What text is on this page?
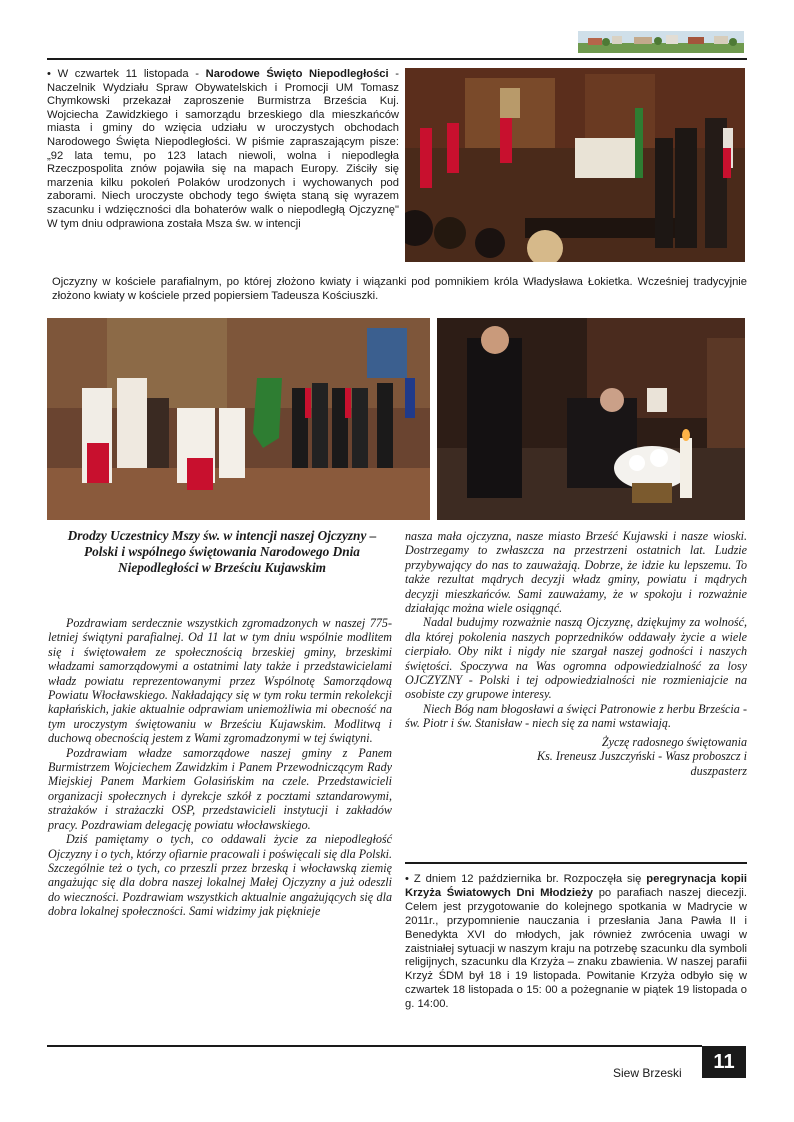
• W czwartek 11 listopada - Narodowe Święto Niepodległości - Naczelnik Wydziału Spraw Obywatelskich i Promocji UM Tomasz Chymkowski przekazał zaproszenie Burmistrza Brześcia Kuj. Wojciecha Zawidzkiego i samorządu brzeskiego dla mieszkańców miasta i gminy do wzięcia udziału w uroczystych obchodach Narodowego Święta Niepodległości. W piśmie zapraszającym pisze: „92 lata temu, po 123 latach niewoli, wolna i niepodległa Rzeczpospolita znów pojawiła się na mapach Europy. Ziściły się marzenia kilku pokoleń Polaków urodzonych i wychowanych pod zaborami. Niech uroczyste obchody tego święta staną się wyrazem szacunku i wdzięczności dla bohaterów walk o niepodległą Ojczyznę" W tym dniu odprawiona została Msza św. w intencji
Ojczyzny w kościele parafialnym, po której złożono kwiaty i wiązanki pod pomnikiem króla Władysława Łokietka. Wcześniej tradycyjnie złożono kwiaty w kościele przed popiersiem Tadeusza Kościuszki.
Drodzy Uczestnicy Mszy św. w intencji naszej Ojczyzny – Polski i wspólnego świętowania Narodowego Dnia Niepodległości w Brześciu Kujawskim

Pozdrawiam serdecznie wszystkich zgromadzonych w naszej 775-letniej świątyni parafialnej. Od 11 lat w tym dniu wspólnie modlitem się i świętowałem ze społecznością brzeskiej gminy, brzeskimi władzami samorządowymi a ostatnimi laty także i przedstawicielami władz powiatu reprezentowanymi przez Wspólnotę Samorządową Powiatu Włocławskiego. Nakładający się w tym roku termin rekolekcji kapłańskich, jakie aktualnie odprawiam uniemożliwia mi obecność na tym uroczystym świętowaniu w Brześciu Kujawskim. Modlitwą i duchową obecnością jestem z Wami zgromadzonymi w tej świątyni.

Pozdrawiam władze samorządowe naszej gminy z Panem Burmistrzem Wojciechem Zawidzkim i Panem Przewodniczącym Rady Miejskiej Panem Markiem Golasińskim na czele. Przedstawicieli organizacji społecznych i dyrekcje szkół z pocztami sztandarowymi, strażaków i strażaczki OSP, przedstawicieli instytucji i zakładów pracy. Pozdrawiam delegację powiatu włocławskiego.

Dziś pamiętamy o tych, co oddawali życie za niepodległość Ojczyzny i o tych, którzy ofiarnie pracowali i poświęcali się dla Polski. Szczególnie też o tych, co przeszli przez brzeską i włocławską ziemię angażując się dla dobra naszej lokalnej Małej Ojczyzny a już odeszli do wieczności. Pozdrawiam wszystkich aktualnie angażujących się dla dobra lokalnej społeczności. Sami widzimy jak pięknieje

nasza mała ojczyzna, nasze miasto Brześć Kujawski i nasze wioski. Dostrzegamy to zwłaszcza na przestrzeni ostatnich lat. Ludzie przybywający do nas to zauważają. Dobrze, że idzie ku lepszemu. To także rezultat mądrych decyzji władz gminy, powiatu i mądrych decyzji mieszkańców. Sami zauważamy, że w spokoju i rozważnie działając można wiele osiągnąć.

Nadal budujmy rozważnie naszą Ojczyznę, dziękujmy za wolność, dla której pokolenia naszych poprzedników oddawały życie a wiele cierpiało. Oby nikt i nigdy nie szargał naszej godności i naszych świętości. Spoczywa na Was ogromna odpowiedzialność za losy OJCZYZNY - Polski i tej odpowiedzialności nie rozmieniajcie na osobiste czy grupowe interesy.

Niech Bóg nam błogosławi a święci Patronowie z herbu Brześcia - św. Piotr i św. Stanisław - niech się za nami wstawiają.

Życzę radosnego świętowania

Ks. Ireneusz Juszczyński - Wasz proboszcz i

duszpasterz

• Z dniem 12 października br. Rozpoczęła się peregrynacja kopii Krzyża Światowych Dni Młodzieży po parafiach naszej diecezji. Celem jest przygotowanie do kolejnego spotkania w Madrycie w 2011r., przypomnienie nauczania i przesłania Jana Pawła II i Benedykta XVI do młodych, jak również zwrócenia uwagi w zaistniałej sytuacji w naszym kraju na potrzebę szacunku dla symboli religijnych, szacunku dla Krzyża – znaku zbawienia. W naszej parafii Krzyż ŚDM był 18 i 19 listopada. Powitanie Krzyża odbyło się w czwartek 18 listopada o 15: 00 a pożegnanie w piątek 19 listopada o g. 14:00.
Siew Brzeski	11
